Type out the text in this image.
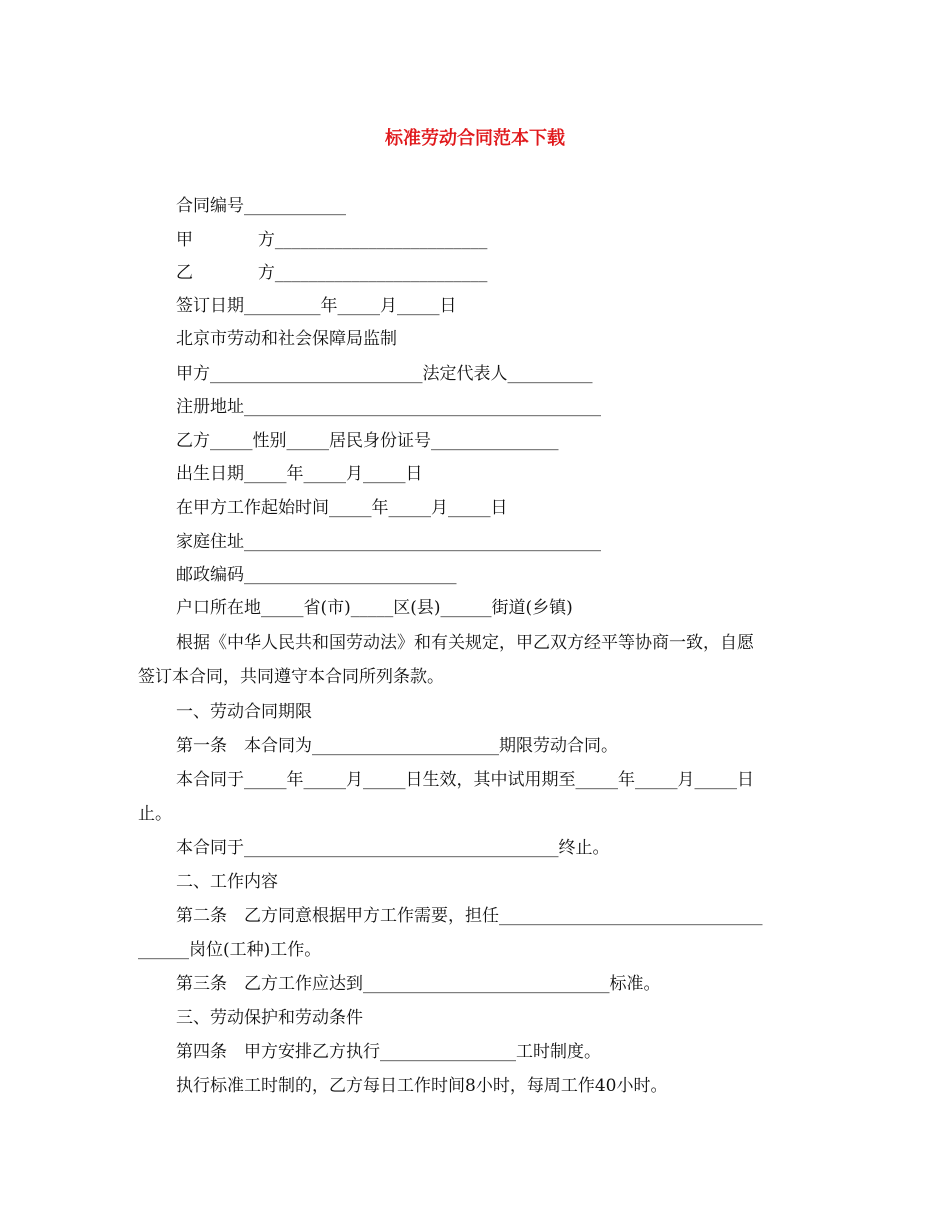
标准劳动合同范本下载
合同编号____________
甲            方_________________________
乙            方_________________________
签订日期_________年_____月_____日
北京市劳动和社会保障局监制
甲方_________________________法定代表人__________
注册地址__________________________________________
乙方_____性别_____居民身份证号_______________
出生日期_____年_____月_____日
在甲方工作起始时间_____年_____月_____日
家庭住址__________________________________________
邮政编码_________________________
户口所在地_____省(市)_____区(县)______街道(乡镇)
根据《中华人民共和国劳动法》和有关规定，甲乙双方经平等协商一致，自愿
签订本合同，共同遵守本合同所列条款。
一、劳动合同期限
第一条　本合同为______________________期限劳动合同。
本合同于_____年_____月_____日生效，其中试用期至_____年_____月_____日
止。
本合同于_____________________________________终止。
二、工作内容
第二条　乙方同意根据甲方工作需要，担任_______________________________
______岗位(工种)工作。
第三条　乙方工作应达到_____________________________标准。
三、劳动保护和劳动条件
第四条　甲方安排乙方执行________________工时制度。
执行标准工时制的，乙方每日工作时间8小时，每周工作40小时。
